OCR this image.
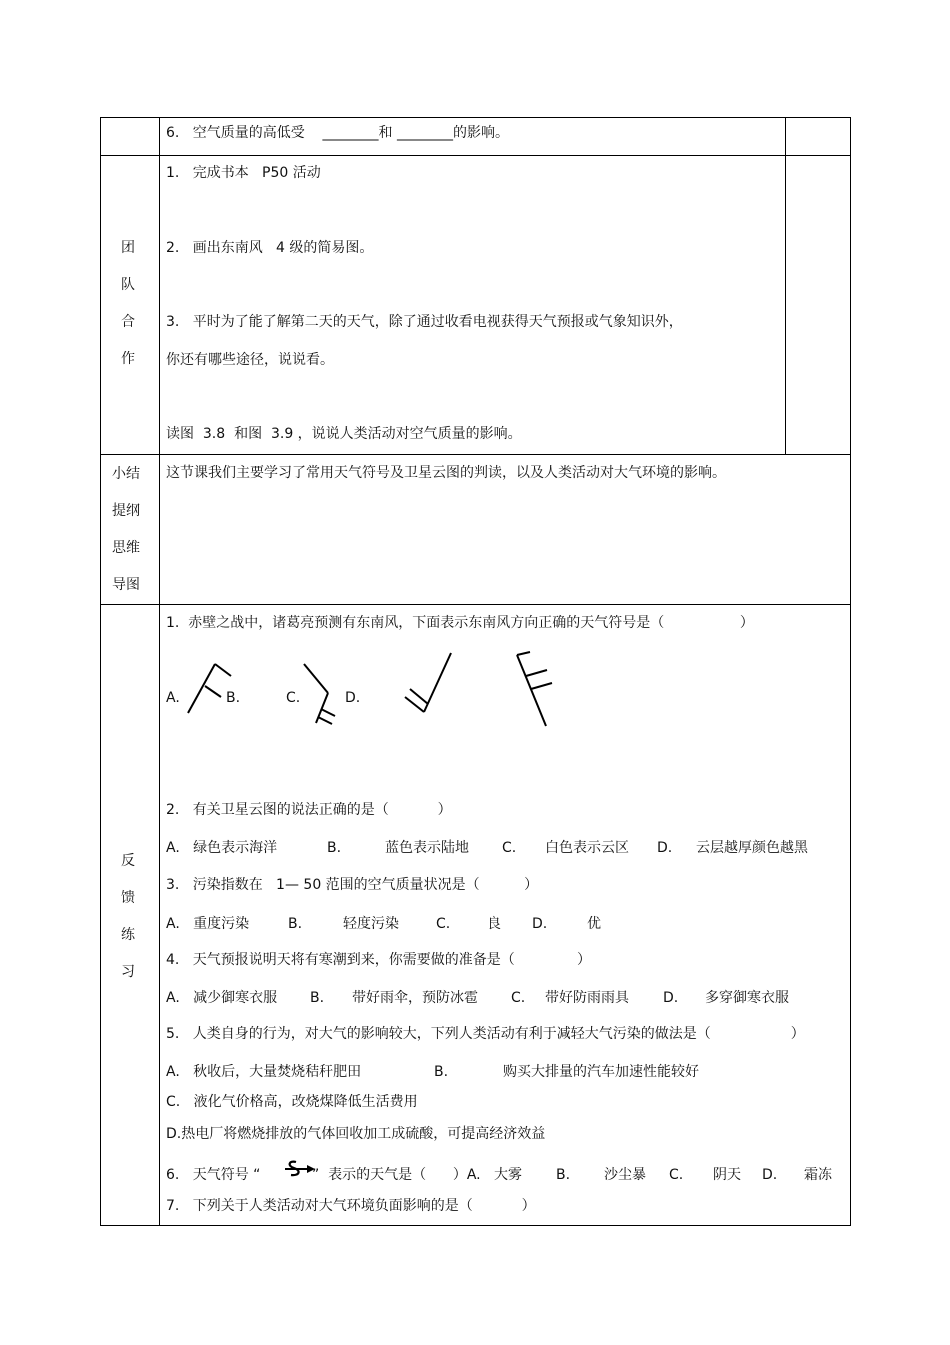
6.   空气质量的高低受    ________和 ________的影响。
团
队
合
作
1.   完成书本   P50 活动
2.   画出东南风   4 级的简易图。
3.   平时为了能了解第二天的天气，除了通过收看电视获得天气预报或气象知识外，
你还有哪些途径，说说看。
读图  3.8  和图  3.9 ，说说人类活动对空气质量的影响。
小结
提纲
思维
导图
这节课我们主要学习了常用天气符号及卫星云图的判读，以及人类活动对大气环境的影响。
反
馈
练
习
1.  赤壁之战中，诸葛亮预测有东南风，下面表示东南风方向正确的天气符号是（                 ）
A.	B.	C.	D.
2.   有关卫星云图的说法正确的是（           ）
A.   绿色表示海洋	B.	蓝色表示陆地 C. 白色表示云区 D. 云层越厚颜色越黑
3.   污染指数在   1— 50 范围的空气质量状况是（          ）
A.   重度污染	B.	轻度污染	C.	良 D.	优
4.   天气预报说明天将有寒潮到来，你需要做的准备是（              ）
A.   减少御寒衣服 B. 带好雨伞，预防冰雹 C. 带好防雨雨具 D. 多穿御寒衣服
5.   人类自身的行为，对大气的影响较大，下列人类活动有利于减轻大气污染的做法是（                  ）
A.   秋收后，大量焚烧秸秆肥田	B.	购买大排量的汽车加速性能较好
C.   液化气价格高，改烧煤降低生活费用
D.热电厂将燃烧排放的气体回收加工成硫酸，可提高经济效益
6.   天气符号 “	”  表示的天气是（      ）A.   大雾 B. 沙尘暴 C. 阴天 D. 霜冻
7.   下列关于人类活动对大气环境负面影响的是（           ）
